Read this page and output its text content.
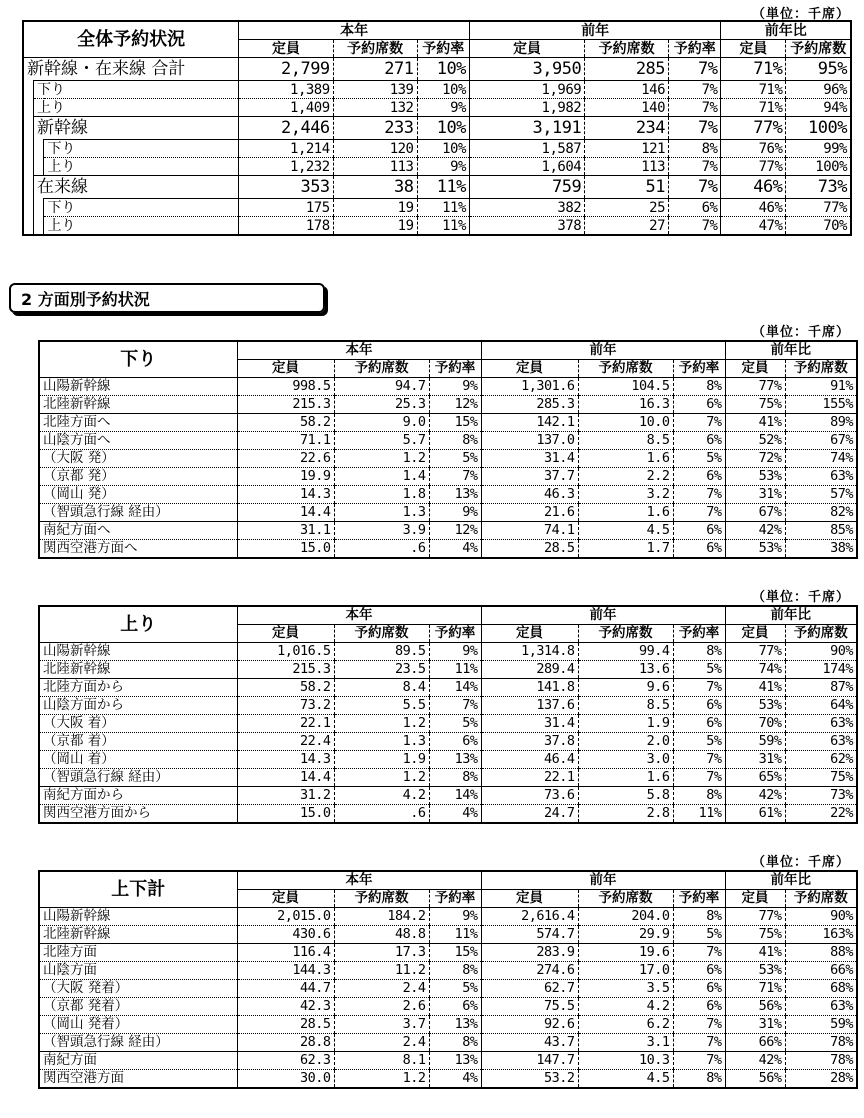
（単位：千席）
全体予約状況			本年			前年			前年比	
			定員	予約席数	予約率	定員	予約席数	予約率	定員	予約席数
新幹線・在来線 合計			2,799	271	10%	3,950	285	7%	71%	95%
	下り		1,389	139	10%	1,969	146	7%	71%	96%
	上り		1,409	132	9%	1,982	140	7%	71%	94%
	新幹線		2,446	233	10%	3,191	234	7%	77%	100%
		下り	1,214	120	10%	1,587	121	8%	76%	99%
		上り	1,232	113	9%	1,604	113	7%	77%	100%
	在来線		353	38	11%	759	51	7%	46%	73%
		下り	175	19	11%	382	25	6%	46%	77%
		上り	178	19	11%	378	27	7%	47%	70%
2 方面別予約状況
（単位：千席）
（単位：千席）
（単位：千席）
下り	本年			前年			前年比	
	定員	予約席数	予約率	定員	予約席数	予約率	定員	予約席数
山陽新幹線	998.5	94.7	9%	1,301.6	104.5	8%	77%	91%
北陸新幹線	215.3	25.3	12%	285.3	16.3	6%	75%	155%
北陸方面へ	58.2	9.0	15%	142.1	10.0	7%	41%	89%
山陰方面へ	71.1	5.7	8%	137.0	8.5	6%	52%	67%
（大阪 発）	22.6	1.2	5%	31.4	1.6	5%	72%	74%
（京都 発）	19.9	1.4	7%	37.7	2.2	6%	53%	63%
（岡山 発）	14.3	1.8	13%	46.3	3.2	7%	31%	57%
（智頭急行線 経由）	14.4	1.3	9%	21.6	1.6	7%	67%	82%
南紀方面へ	31.1	3.9	12%	74.1	4.5	6%	42%	85%
関西空港方面へ	15.0	.6	4%	28.5	1.7	6%	53%	38%
上り	本年			前年			前年比	
	定員	予約席数	予約率	定員	予約席数	予約率	定員	予約席数
山陽新幹線	1,016.5	89.5	9%	1,314.8	99.4	8%	77%	90%
北陸新幹線	215.3	23.5	11%	289.4	13.6	5%	74%	174%
北陸方面から	58.2	8.4	14%	141.8	9.6	7%	41%	87%
山陰方面から	73.2	5.5	7%	137.6	8.5	6%	53%	64%
（大阪 着）	22.1	1.2	5%	31.4	1.9	6%	70%	63%
（京都 着）	22.4	1.3	6%	37.8	2.0	5%	59%	63%
（岡山 着）	14.3	1.9	13%	46.4	3.0	7%	31%	62%
（智頭急行線 経由）	14.4	1.2	8%	22.1	1.6	7%	65%	75%
南紀方面から	31.2	4.2	14%	73.6	5.8	8%	42%	73%
関西空港方面から	15.0	.6	4%	24.7	2.8	11%	61%	22%
上下計	本年			前年			前年比	
	定員	予約席数	予約率	定員	予約席数	予約率	定員	予約席数
山陽新幹線	2,015.0	184.2	9%	2,616.4	204.0	8%	77%	90%
北陸新幹線	430.6	48.8	11%	574.7	29.9	5%	75%	163%
北陸方面	116.4	17.3	15%	283.9	19.6	7%	41%	88%
山陰方面	144.3	11.2	8%	274.6	17.0	6%	53%	66%
（大阪 発着）	44.7	2.4	5%	62.7	3.5	6%	71%	68%
（京都 発着）	42.3	2.6	6%	75.5	4.2	6%	56%	63%
（岡山 発着）	28.5	3.7	13%	92.6	6.2	7%	31%	59%
（智頭急行線 経由）	28.8	2.4	8%	43.7	3.1	7%	66%	78%
南紀方面	62.3	8.1	13%	147.7	10.3	7%	42%	78%
関西空港方面	30.0	1.2	4%	53.2	4.5	8%	56%	28%
